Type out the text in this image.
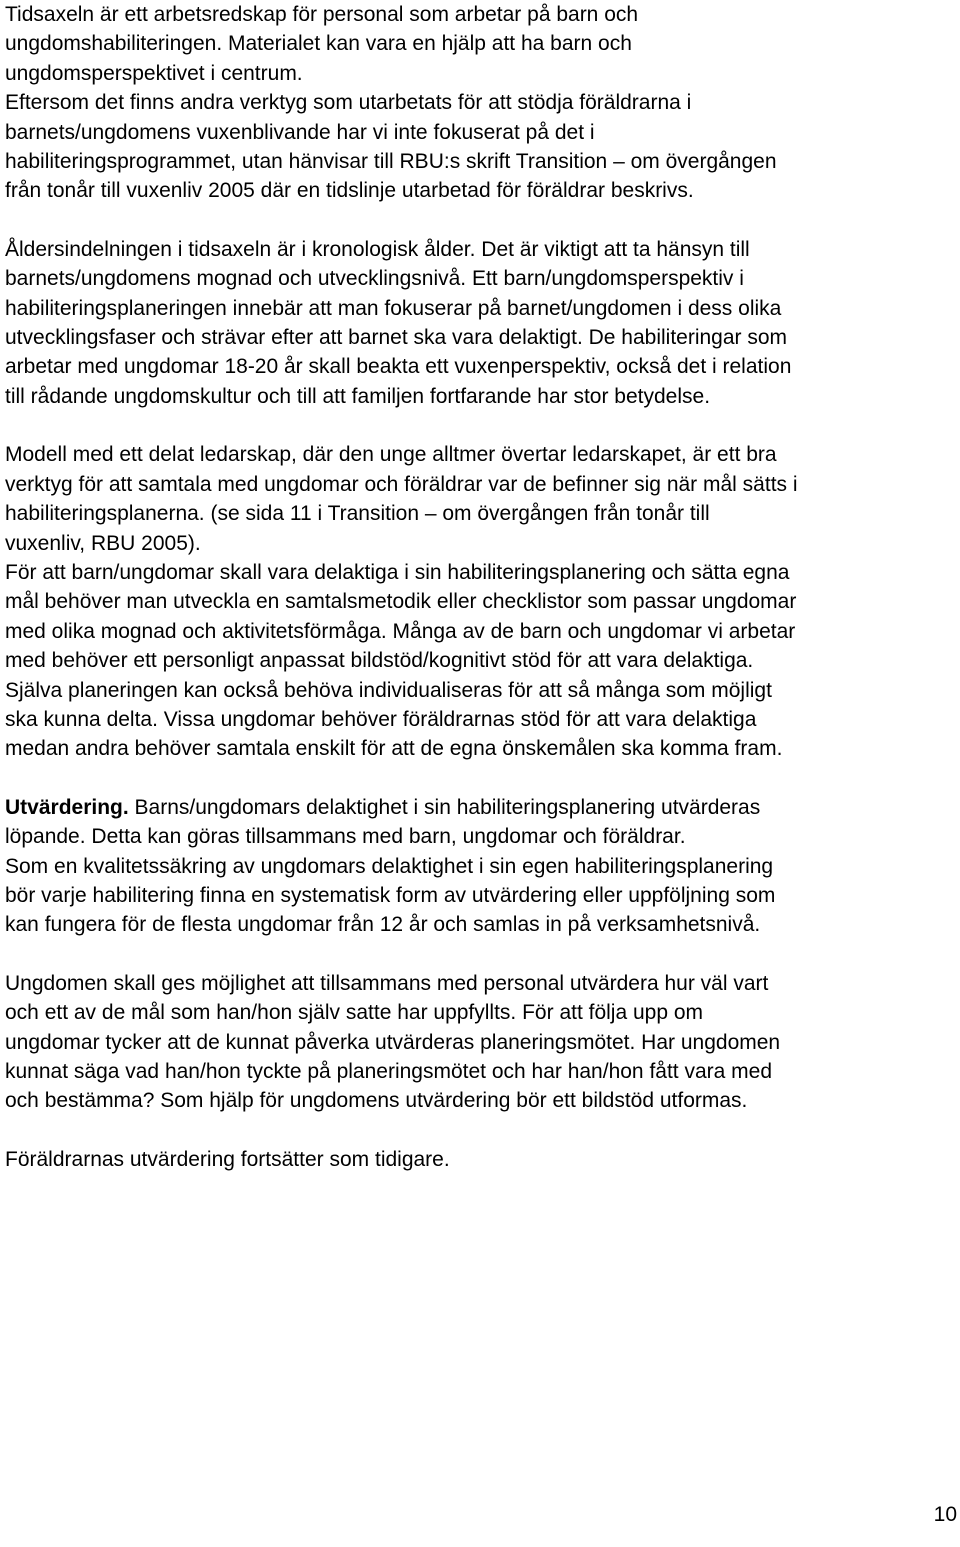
Tidsaxeln är ett arbetsredskap för personal som arbetar på barn och
ungdomshabiliteringen. Materialet kan vara en hjälp att ha barn och
ungdomsperspektivet i centrum.
Eftersom det finns andra verktyg som utarbetats för att stödja föräldrarna i
barnets/ungdomens vuxenblivande har vi inte fokuserat på det i
habiliteringsprogrammet, utan hänvisar till RBU:s skrift Transition – om övergången
från tonår till vuxenliv 2005 där en tidslinje utarbetad för föräldrar beskrivs.

Åldersindelningen i tidsaxeln är i kronologisk ålder. Det är viktigt att ta hänsyn till
barnets/ungdomens mognad och utvecklingsnivå. Ett barn/ungdomsperspektiv i
habiliteringsplaneringen innebär att man fokuserar på barnet/ungdomen i dess olika
utvecklingsfaser och strävar efter att barnet ska vara delaktigt. De habiliteringar som
arbetar med ungdomar 18-20 år skall beakta ett vuxenperspektiv, också det i relation
till rådande ungdomskultur och till att familjen fortfarande har stor betydelse.

Modell med ett delat ledarskap, där den unge alltmer övertar ledarskapet, är ett bra
verktyg för att samtala med ungdomar och föräldrar var de befinner sig när mål sätts i
habiliteringsplanerna. (se sida 11 i Transition – om övergången från tonår till
vuxenliv, RBU 2005).
För att barn/ungdomar skall vara delaktiga i sin habiliteringsplanering och sätta egna
mål behöver man utveckla en samtalsmetodik eller checklistor som passar ungdomar
med olika mognad och aktivitetsförmåga. Många av de barn och ungdomar vi arbetar
med behöver ett personligt anpassat bildstöd/kognitivt stöd för att vara delaktiga.
Själva planeringen kan också behöva individualiseras för att så många som möjligt
ska kunna delta. Vissa ungdomar behöver föräldrarnas stöd för att vara delaktiga
medan andra behöver samtala enskilt för att de egna önskemålen ska komma fram.

Utvärdering. Barns/ungdomars delaktighet i sin habiliteringsplanering utvärderas
löpande. Detta kan göras tillsammans med barn, ungdomar och föräldrar.
Som en kvalitetssäkring av ungdomars delaktighet i sin egen habiliteringsplanering
bör varje habilitering finna en systematisk form av utvärdering eller uppföljning som
kan fungera för de flesta ungdomar från 12 år och samlas in på verksamhetsnivå.

Ungdomen skall ges möjlighet att tillsammans med personal utvärdera hur väl vart
och ett av de mål som han/hon själv satte har uppfyllts. För att följa upp om
ungdomar tycker att de kunnat påverka utvärderas planeringsmötet. Har ungdomen
kunnat säga vad han/hon tyckte på planeringsmötet och har han/hon fått vara med
och bestämma? Som hjälp för ungdomens utvärdering bör ett bildstöd utformas.

Föräldrarnas utvärdering fortsätter som tidigare.

10
